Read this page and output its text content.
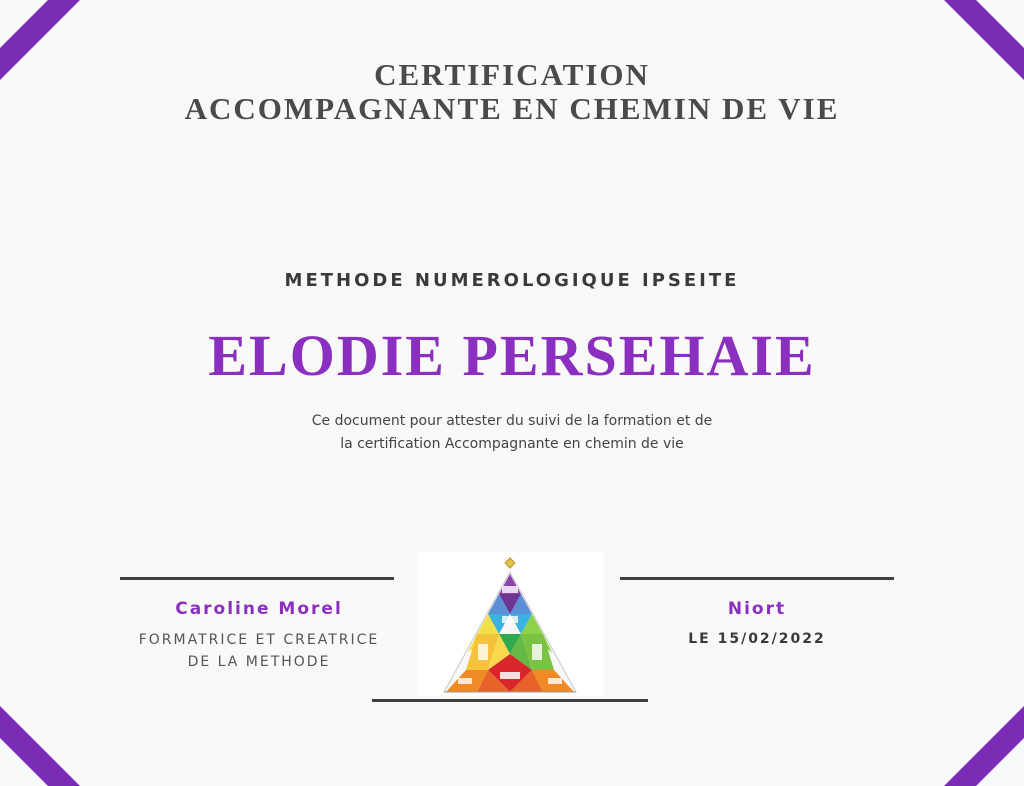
CERTIFICATION
ACCOMPAGNANTE EN CHEMIN DE VIE
METHODE NUMEROLOGIQUE IPSEITE
ELODIE PERSEHAIE
Ce document pour attester du suivi de la formation et de
la certification Accompagnante en chemin de vie
Caroline Morel
FORMATRICE ET CREATRICE
DE LA METHODE
Niort
LE 15/02/2022
